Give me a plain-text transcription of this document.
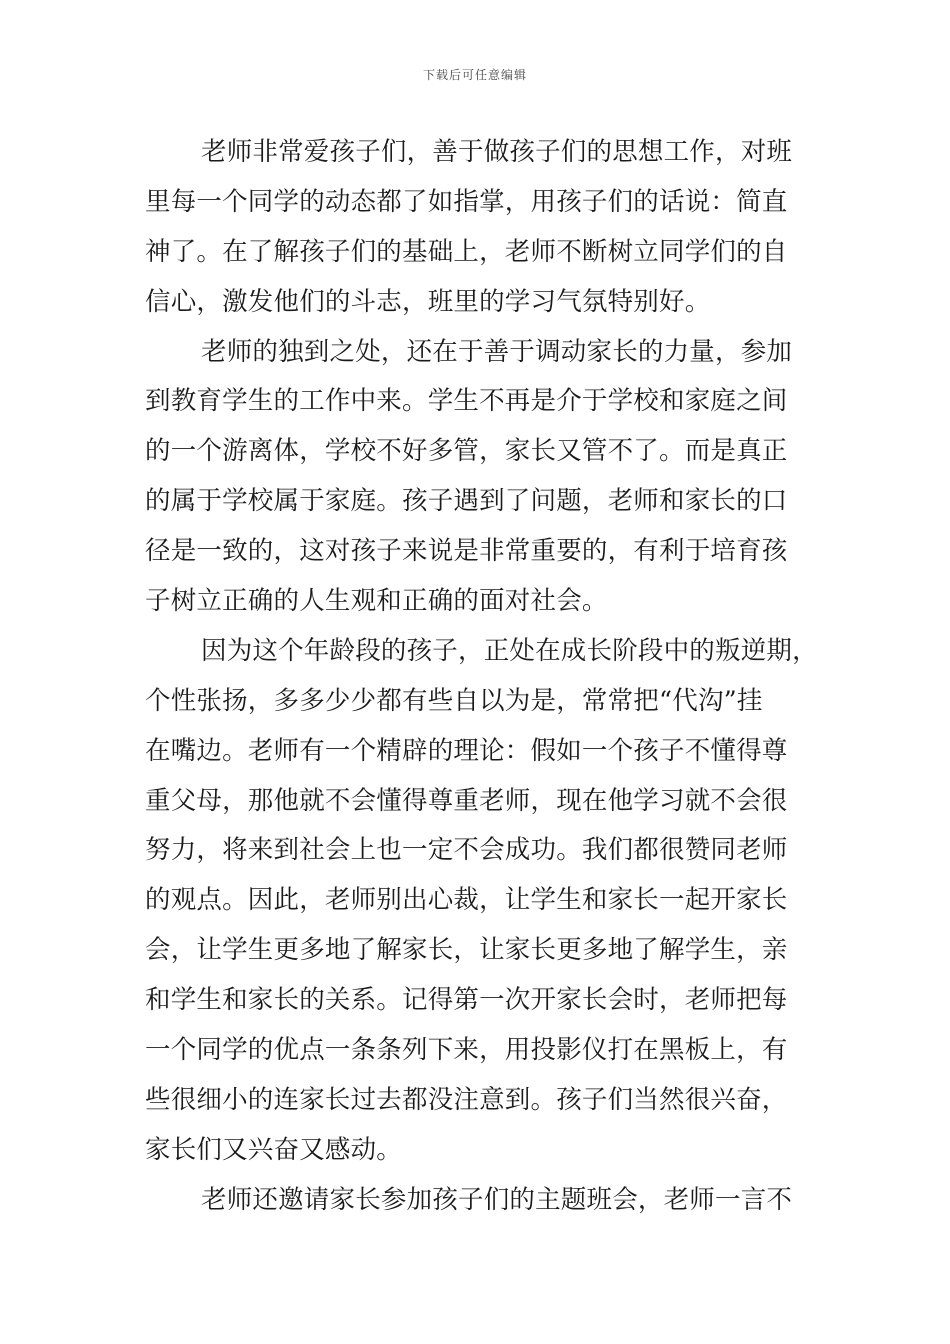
下载后可任意编辑
老师非常爱孩子们，善于做孩子们的思想工作，对班
里每一个同学的动态都了如指掌，用孩子们的话说：简直
神了。在了解孩子们的基础上，老师不断树立同学们的自
信心，激发他们的斗志，班里的学习气氛特别好。
老师的独到之处，还在于善于调动家长的力量，参加
到教育学生的工作中来。学生不再是介于学校和家庭之间
的一个游离体，学校不好多管，家长又管不了。而是真正
的属于学校属于家庭。孩子遇到了问题，老师和家长的口
径是一致的，这对孩子来说是非常重要的，有利于培育孩
子树立正确的人生观和正确的面对社会。
因为这个年龄段的孩子，正处在成长阶段中的叛逆期，
个性张扬，多多少少都有些自以为是，常常把“代沟”挂
在嘴边。老师有一个精辟的理论：假如一个孩子不懂得尊
重父母，那他就不会懂得尊重老师，现在他学习就不会很
努力，将来到社会上也一定不会成功。我们都很赞同老师
的观点。因此，老师别出心裁，让学生和家长一起开家长
会，让学生更多地了解家长，让家长更多地了解学生，亲
和学生和家长的关系。记得第一次开家长会时，老师把每
一个同学的优点一条条列下来，用投影仪打在黑板上，有
些很细小的连家长过去都没注意到。孩子们当然很兴奋，
家长们又兴奋又感动。
老师还邀请家长参加孩子们的主题班会，老师一言不
